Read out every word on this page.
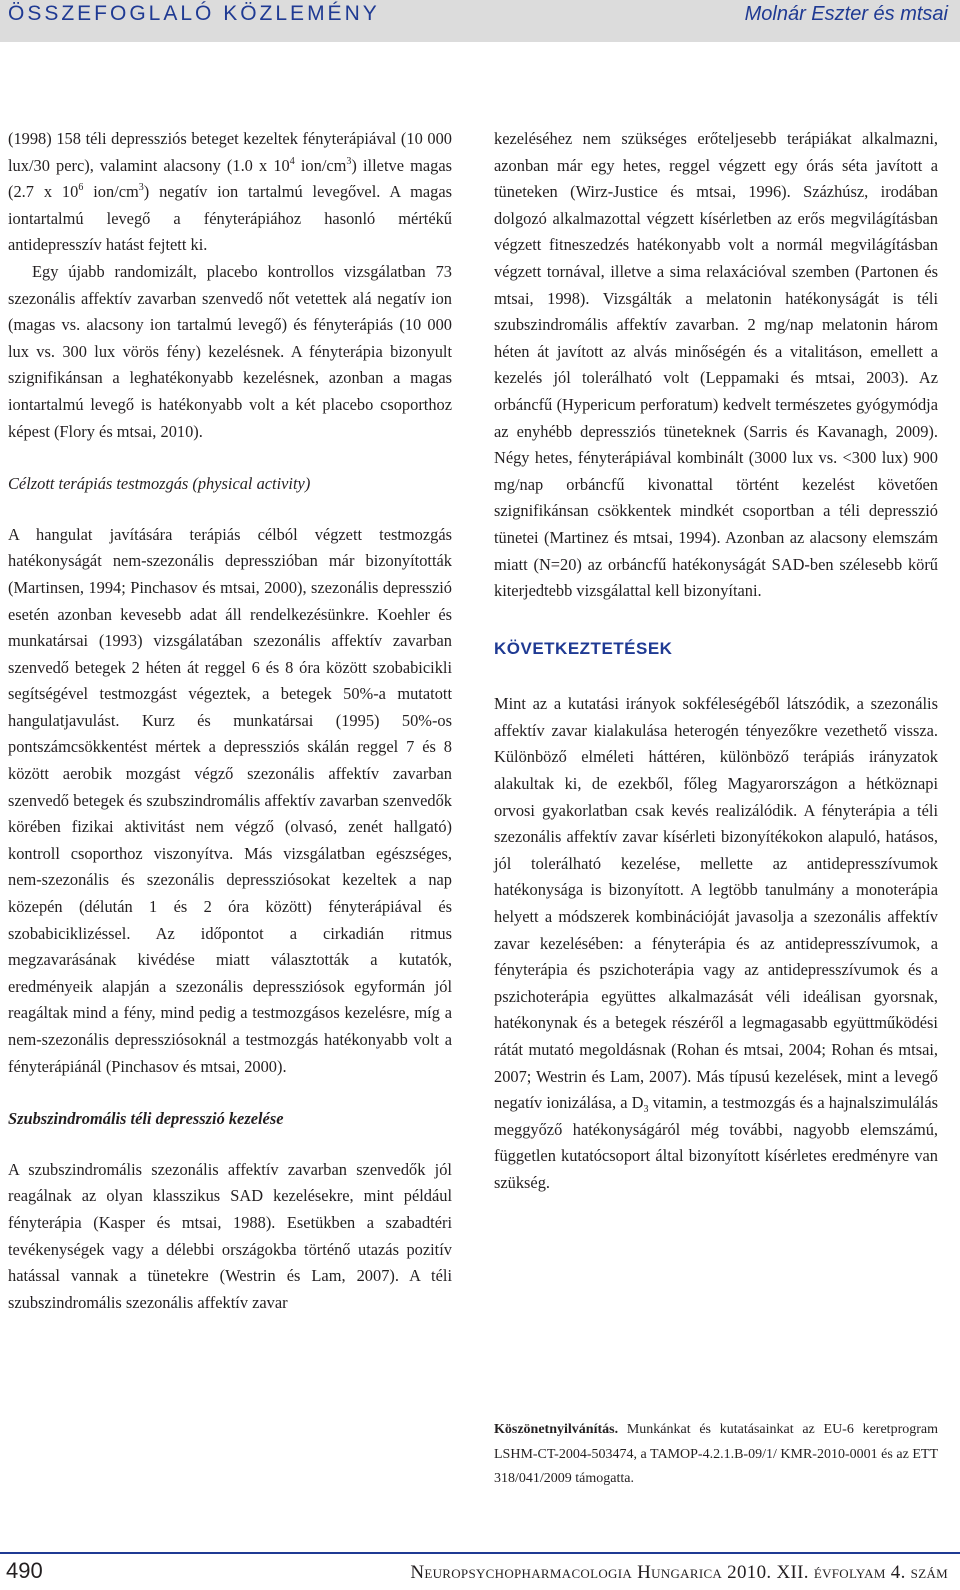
ÖSSZEFOGLALÓ KÖZLEMÉNY	Molnár Eszter és mtsai

(1998) 158 téli depressziós beteget kezeltek fényterápiával (10 000 lux/30 perc), valamint alacsony (1.0 x $10^4$ ion/$cm^3$) illetve magas (2.7 x $10^6$ ion/$cm^3$) negatív ion tartalmú levegővel. A magas iontartalmú levegő a fényterápiához hasonló mértékű antidepresszív hatást fejtett ki.

Egy újabb randomizált, placebo kontrollos vizsgálatban 73 szezonális affektív zavarban szenvedő nőt vetettek alá negatív ion (magas vs. alacsony ion tartalmú levegő) és fényterápiás (10 000 lux vs. 300 lux vörös fény) kezelésnek. A fényterápia bizonyult szignifikánsan a leghatékonyabb kezelésnek, azonban a magas iontartalmú levegő is hatékonyabb volt a két placebo csoporthoz képest (Flory és mtsai, 2010).

Célzott terápiás testmozgás (physical activity)

A hangulat javítására terápiás célból végzett testmozgás hatékonyságát nem-szezonális depresszióban már bizonyították (Martinsen, 1994; Pinchasov és mtsai, 2000), szezonális depresszió esetén azonban kevesebb adat áll rendelkezésünkre. Koehler és munkatársai (1993) vizsgálatában szezonális affektív zavarban szenvedő betegek 2 héten át reggel 6 és 8 óra között szobabicikli segítségével testmozgást végeztek, a betegek 50%-a mutatott hangulatjavulást. Kurz és munkatársai (1995) 50%-os pontszámcsökkentést mértek a depressziós skálán reggel 7 és 8 között aerobik mozgást végző szezonális affektív zavarban szenvedő betegek és szubszindromális affektív zavarban szenvedők körében fizikai aktivitást nem végző (olvasó, zenét hallgató) kontroll csoporthoz viszonyítva. Más vizsgálatban egészséges, nem-szezonális és szezonális depressziósokat kezeltek a nap közepén (délután 1 és 2 óra között) fényterápiával és szobabiciklizéssel. Az időpontot a cirkadián ritmus megzavarásának kivédése miatt választották a kutatók, eredményeik alapján a szezonális depressziósok egyformán jól reagáltak mind a fény, mind pedig a testmozgásos kezelésre, míg a nem-szezonális depressziósoknál a testmozgás hatékonyabb volt a fényterápiánál (Pinchasov és mtsai, 2000).

Szubszindromális téli depresszió kezelése

A szubszindromális szezonális affektív zavarban szenvedők jól reagálnak az olyan klasszikus SAD kezelésekre, mint például fényterápia (Kasper és mtsai, 1988). Esetükben a szabadtéri tevékenységek vagy a délebbi országokba történő utazás pozitív hatással vannak a tünetekre (Westrin és Lam, 2007). A téli szubszindromális szezonális affektív zavar

kezeléséhez nem szükséges erőteljesebb terápiákat alkalmazni, azonban már egy hetes, reggel végzett egy órás séta javított a tüneteken (Wirz-Justice és mtsai, 1996). Százhúsz, irodában dolgozó alkalmazottal végzett kísérletben az erős megvilágításban végzett fitneszedzés hatékonyabb volt a normál megvilágításban végzett tornával, illetve a sima relaxációval szemben (Partonen és mtsai, 1998). Vizsgálták a melatonin hatékonyságát is téli szubszindromális affektív zavarban. 2 mg/nap melatonin három héten át javított az alvás minőségén és a vitalitáson, emellett a kezelés jól tolerálható volt (Leppamaki és mtsai, 2003). Az orbáncfű (Hypericum perforatum) kedvelt természetes gyógymódja az enyhébb depressziós tüneteknek (Sarris és Kavanagh, 2009). Négy hetes, fényterápiával kombinált (3000 lux vs. <300 lux) 900 mg/nap orbáncfű kivonattal történt kezelést követően szignifikánsan csökkentek mindkét csoportban a téli depresszió tünetei (Martinez és mtsai, 1994). Azonban az alacsony elemszám miatt (N=20) az orbáncfű hatékonyságát SAD-ben szélesebb körű kiterjedtebb vizsgálattal kell bizonyítani.

KÖVETKEZTETÉSEK

Mint az a kutatási irányok sokféleségéből látszódik, a szezonális affektív zavar kialakulása heterogén tényezőkre vezethető vissza. Különböző elméleti háttéren, különböző terápiás irányzatok alakultak ki, de ezekből, főleg Magyarországon a hétköznapi orvosi gyakorlatban csak kevés realizálódik. A fényterápia a téli szezonális affektív zavar kísérleti bizonyítékokon alapuló, hatásos, jól tolerálható kezelése, mellette az antidepresszívumok hatékonysága is bizonyított. A legtöbb tanulmány a monoterápia helyett a módszerek kombinációját javasolja a szezonális affektív zavar kezelésében: a fényterápia és az antidepresszívumok, a fényterápia és pszichoterápia vagy az antidepresszívumok és a pszichoterápia együttes alkalmazását véli ideálisan gyorsnak, hatékonynak és a betegek részéről a legmagasabb együttműködési rátát mutató megoldásnak (Rohan és mtsai, 2004; Rohan és mtsai, 2007; Westrin és Lam, 2007). Más típusú kezelések, mint a levegő negatív ionizálása, a $D_3$ vitamin, a testmozgás és a hajnalszimulálás meggyőző hatékonyságáról még további, nagyobb elemszámú, független kutatócsoport által bizonyított kísérletes eredményre van szükség.

Köszönetnyilvánítás. Munkánkat és kutatásainkat az EU-6 keretprogram LSHM-CT-2004-503474, a TAMOP-4.2.1.B-09/1/ KMR-2010-0001 és az ETT 318/041/2009 támogatta.
490	Neuropsychopharmacologia Hungarica 2010. XII. évfolyam 4. szám
